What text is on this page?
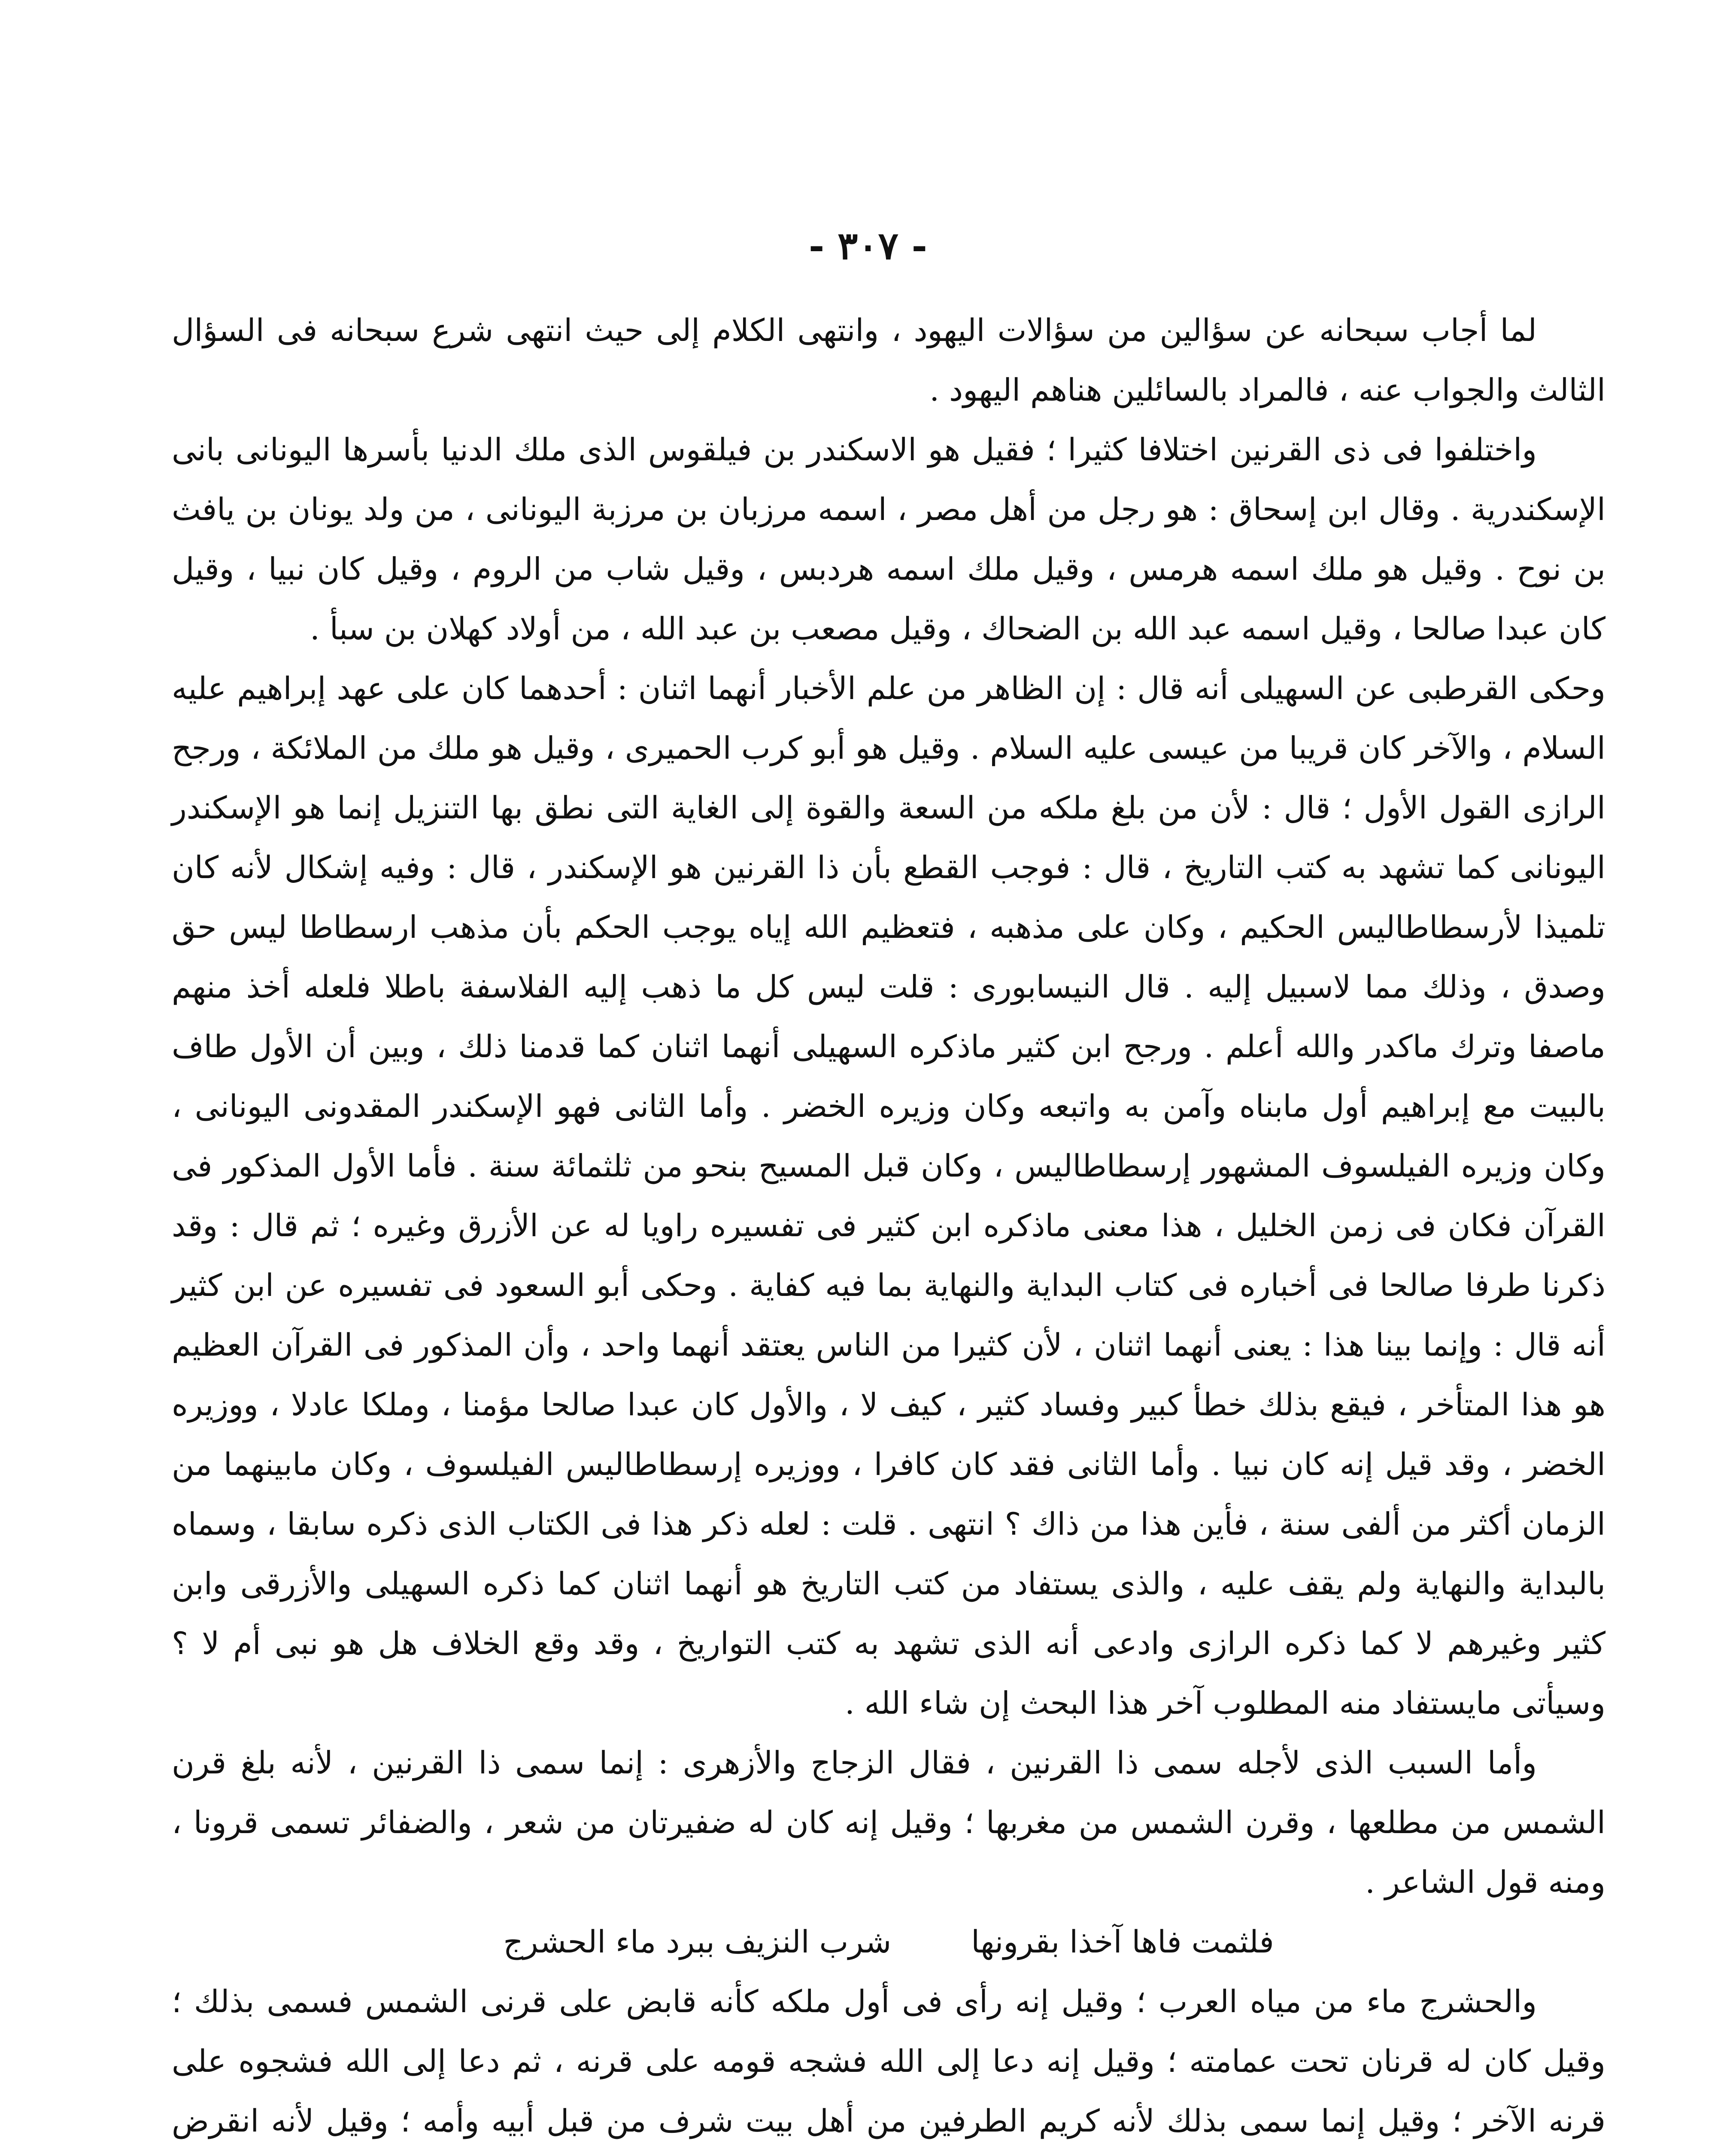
- ٣٠٧ -

لما أجاب سبحانه عن سؤالين من سؤالات اليهود ، وانتهى الكلام إلى حيث انتهى شرع سبحانه فى السؤال الثالث والجواب عنه ، فالمراد بالسائلين هناهم اليهود .

واختلفوا فى ذى القرنين اختلافا كثيرا ؛ فقيل هو الاسكندر بن فيلقوس الذى ملك الدنيا بأسرها اليونانى بانى الإسكندرية . وقال ابن إسحاق : هو رجل من أهل مصر ، اسمه مرزبان بن مرزبة اليونانى ، من ولد يونان بن يافث بن نوح . وقيل هو ملك اسمه هرمس ، وقيل ملك اسمه هردبس ، وقيل شاب من الروم ، وقيل كان نبيا ، وقيل كان عبدا صالحا ، وقيل اسمه عبد الله بن الضحاك ، وقيل مصعب بن عبد الله ، من أولاد كهلان بن سبأ .

وحكى القرطبى عن السهيلى أنه قال : إن الظاهر من علم الأخبار أنهما اثنان : أحدهما كان على عهد إبراهيم عليه السلام ، والآخر كان قريبا من عيسى عليه السلام . وقيل هو أبو كرب الحميرى ، وقيل هو ملك من الملائكة ، ورجح الرازى القول الأول ؛ قال : لأن من بلغ ملكه من السعة والقوة إلى الغاية التى نطق بها التنزيل إنما هو الإسكندر اليونانى كما تشهد به كتب التاريخ ، قال : فوجب القطع بأن ذا القرنين هو الإسكندر ، قال : وفيه إشكال لأنه كان تلميذا لأرسطاطاليس الحكيم ، وكان على مذهبه ، فتعظيم الله إياه يوجب الحكم بأن مذهب ارسطاطا ليس حق وصدق ، وذلك مما لاسبيل إليه . قال النيسابورى : قلت ليس كل ما ذهب إليه الفلاسفة باطلا فلعله أخذ منهم ماصفا وترك ماكدر والله أعلم . ورجح ابن كثير ماذكره السهيلى أنهما اثنان كما قدمنا ذلك ، وبين أن الأول طاف بالبيت مع إبراهيم أول مابناه وآمن به واتبعه وكان وزيره الخضر . وأما الثانى فهو الإسكندر المقدونى اليونانى ، وكان وزيره الفيلسوف المشهور إرسطاطاليس ، وكان قبل المسيح بنحو من ثلثمائة سنة . فأما الأول المذكور فى القرآن فكان فى زمن الخليل ، هذا معنى ماذكره ابن كثير فى تفسيره راويا له عن الأزرق وغيره ؛ ثم قال : وقد ذكرنا طرفا صالحا فى أخباره فى كتاب البداية والنهاية بما فيه كفاية . وحكى أبو السعود فى تفسيره عن ابن كثير أنه قال : وإنما بينا هذا : يعنى أنهما اثنان ، لأن كثيرا من الناس يعتقد أنهما واحد ، وأن المذكور فى القرآن العظيم هو هذا المتأخر ، فيقع بذلك خطأ كبير وفساد كثير ، كيف لا ، والأول كان عبدا صالحا مؤمنا ، وملكا عادلا ، ووزيره الخضر ، وقد قيل إنه كان نبيا . وأما الثانى فقد كان كافرا ، ووزيره إرسطاطاليس الفيلسوف ، وكان مابينهما من الزمان أكثر من ألفى سنة ، فأين هذا من ذاك ؟ انتهى . قلت : لعله ذكر هذا فى الكتاب الذى ذكره سابقا ، وسماه بالبداية والنهاية ولم يقف عليه ، والذى يستفاد من كتب التاريخ هو أنهما اثنان كما ذكره السهيلى والأزرقى وابن كثير وغيرهم لا كما ذكره الرازى وادعى أنه الذى تشهد به كتب التواريخ ، وقد وقع الخلاف هل هو نبى أم لا ؟ وسيأتى مايستفاد منه المطلوب آخر هذا البحث إن شاء الله .

وأما السبب الذى لأجله سمى ذا القرنين ، فقال الزجاج والأزهرى : إنما سمى ذا القرنين ، لأنه بلغ قرن الشمس من مطلعها ، وقرن الشمس من مغربها ؛ وقيل إنه كان له ضفيرتان من شعر ، والضفائر تسمى قرونا ، ومنه قول الشاعر .

فلثمت فاها آخذا بقرونها  شرب النزيف ببرد ماء الحشرج

والحشرج ماء من مياه العرب ؛ وقيل إنه رأى فى أول ملكه كأنه قابض على قرنى الشمس فسمى بذلك ؛ وقيل كان له قرنان تحت عمامته ؛ وقيل إنه دعا إلى الله فشجه قومه على قرنه ، ثم دعا إلى الله فشجوه على قرنه الآخر ؛ وقيل إنما سمى بذلك لأنه كريم الطرفين من أهل بيت شرف من قبل أبيه وأمه ؛ وقيل لأنه انقرض
